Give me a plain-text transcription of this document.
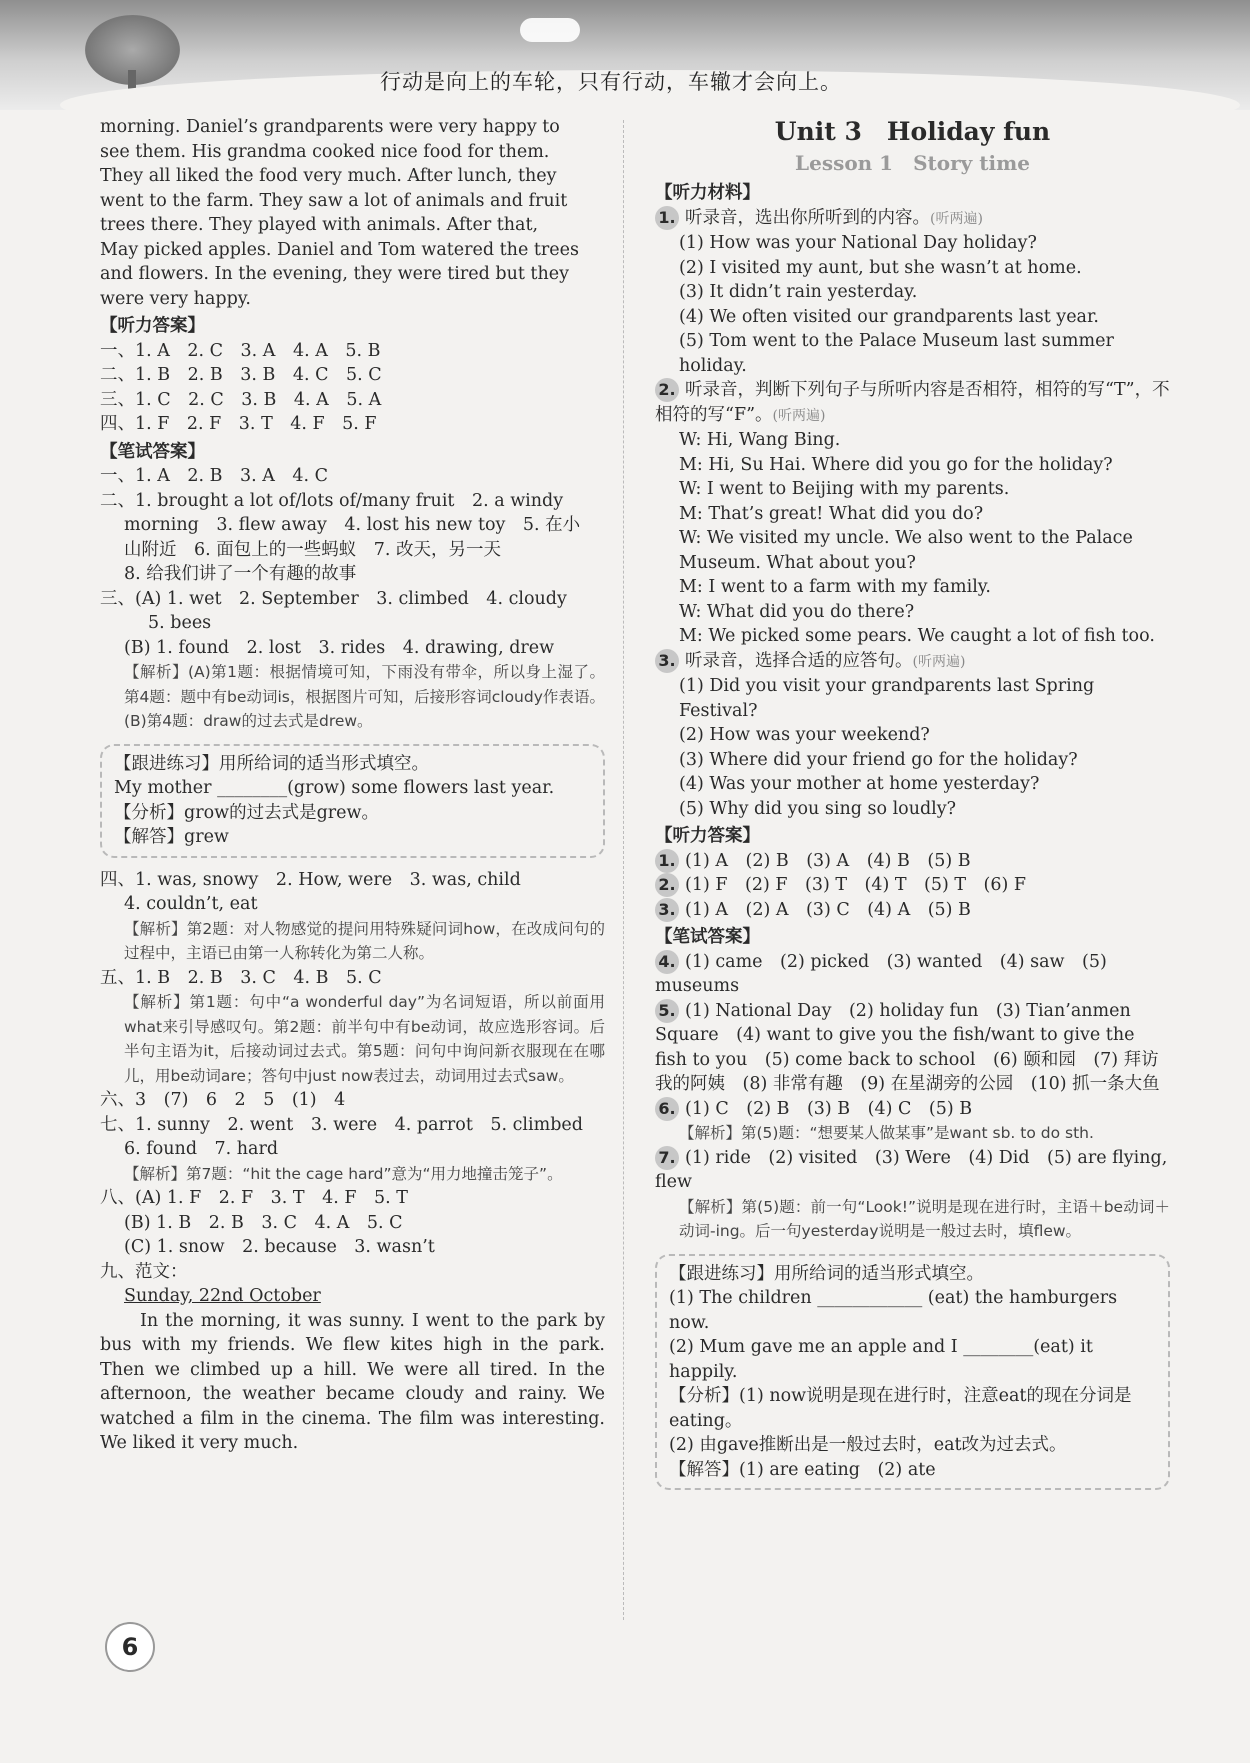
行动是向上的车轮，只有行动，车辙才会向上。
morning. Daniel’s grandparents were very happy to
see them. His grandma cooked nice food for them.
They all liked the food very much. After lunch, they
went to the farm. They saw a lot of animals and fruit
trees there. They played with animals. After that,
May picked apples. Daniel and Tom watered the trees
and flowers. In the evening, they were tired but they
were very happy.
【听力答案】
一、1. A　2. C　3. A　4. A　5. B
二、1. B　2. B　3. B　4. C　5. C
三、1. C　2. C　3. B　4. A　5. A
四、1. F　2. F　3. T　4. F　5. F
【笔试答案】
一、1. A　2. B　3. A　4. C
二、1. brought a lot of/lots of/many fruit　2. a windy
morning　3. flew away　4. lost his new toy　5. 在小
山附近　6. 面包上的一些蚂蚁　7. 改天，另一天
8. 给我们讲了一个有趣的故事
三、(A) 1. wet　2. September　3. climbed　4. cloudy
5. bees
(B) 1. found　2. lost　3. rides　4. drawing, drew

【解析】(A)第1题：根据情境可知，下雨没有带伞，所以身上湿了。第4题：题中有be动词is，根据图片可知，后接形容词cloudy作表语。(B)第4题：draw的过去式是drew。

【跟进练习】用所给词的适当形式填空。
My mother ________(grow) some flowers last year.
【分析】grow的过去式是grew。
【解答】grew
四、1. was, snowy　2. How, were　3. was, child
4. couldn’t, eat

【解析】第2题：对人物感觉的提问用特殊疑问词how，在改成问句的过程中，主语已由第一人称转化为第二人称。

五、1. B　2. B　3. C　4. B　5. C

【解析】第1题：句中“a wonderful day”为名词短语，所以前面用what来引导感叹句。第2题：前半句中有be动词，故应选形容词。后半句主语为it，后接动词过去式。第5题：问句中询问新衣服现在在哪儿，用be动词are；答句中just now表过去，动词用过去式saw。

六、3　(7)　6　2　5　(1)　4
七、1. sunny　2. went　3. were　4. parrot　5. climbed
6. found　7. hard

【解析】第7题：“hit the cage hard”意为“用力地撞击笼子”。

八、(A) 1. F　2. F　3. T　4. F　5. T
(B) 1. B　2. B　3. C　4. A　5. C
(C) 1. snow　2. because　3. wasn’t
九、范文：
Sunday, 22nd October

In the morning, it was sunny. I went to the park by bus with my friends. We flew kites high in the park. Then we climbed up a hill. We were all tired. In the afternoon, the weather became cloudy and rainy. We watched a film in the cinema. The film was interesting. We liked it very much.

Unit 3　Holiday fun
Lesson 1　Story time
【听力材料】
1. 听录音，选出你所听到的内容。(听两遍)
(1) How was your National Day holiday?
(2) I visited my aunt, but she wasn’t at home.
(3) It didn’t rain yesterday.
(4) We often visited our grandparents last year.
(5) Tom went to the Palace Museum last summer holiday.
2. 听录音，判断下列句子与所听内容是否相符，相符的写“T”，不相符的写“F”。(听两遍)
W: Hi, Wang Bing.
M: Hi, Su Hai. Where did you go for the holiday?
W: I went to Beijing with my parents.
M: That’s great! What did you do?
W: We visited my uncle. We also went to the Palace Museum. What about you?
M: I went to a farm with my family.
W: What did you do there?
M: We picked some pears. We caught a lot of fish too.
3. 听录音，选择合适的应答句。(听两遍)
(1) Did you visit your grandparents last Spring Festival?
(2) How was your weekend?
(3) Where did your friend go for the holiday?
(4) Was your mother at home yesterday?
(5) Why did you sing so loudly?
【听力答案】
1. (1) A　(2) B　(3) A　(4) B　(5) B
2. (1) F　(2) F　(3) T　(4) T　(5) T　(6) F
3. (1) A　(2) A　(3) C　(4) A　(5) B
【笔试答案】
4. (1) came　(2) picked　(3) wanted　(4) saw　(5) museums
5. (1) National Day　(2) holiday fun　(3) Tian’anmen Square　(4) want to give you the fish/want to give the fish to you　(5) come back to school　(6) 颐和园　(7) 拜访我的阿姨　(8) 非常有趣　(9) 在星湖旁的公园　(10) 抓一条大鱼
6. (1) C　(2) B　(3) B　(4) C　(5) B

【解析】第(5)题：“想要某人做某事”是want sb. to do sth.

7. (1) ride　(2) visited　(3) Were　(4) Did　(5) are flying, flew

【解析】第(5)题：前一句“Look!”说明是现在进行时，主语＋be动词＋动词-ing。后一句yesterday说明是一般过去时，填flew。

【跟进练习】用所给词的适当形式填空。
(1) The children ____________ (eat) the hamburgers now.
(2) Mum gave me an apple and I ________(eat) it happily.
【分析】(1) now说明是现在进行时，注意eat的现在分词是eating。
(2) 由gave推断出是一般过去时，eat改为过去式。
【解答】(1) are eating　(2) ate
6
